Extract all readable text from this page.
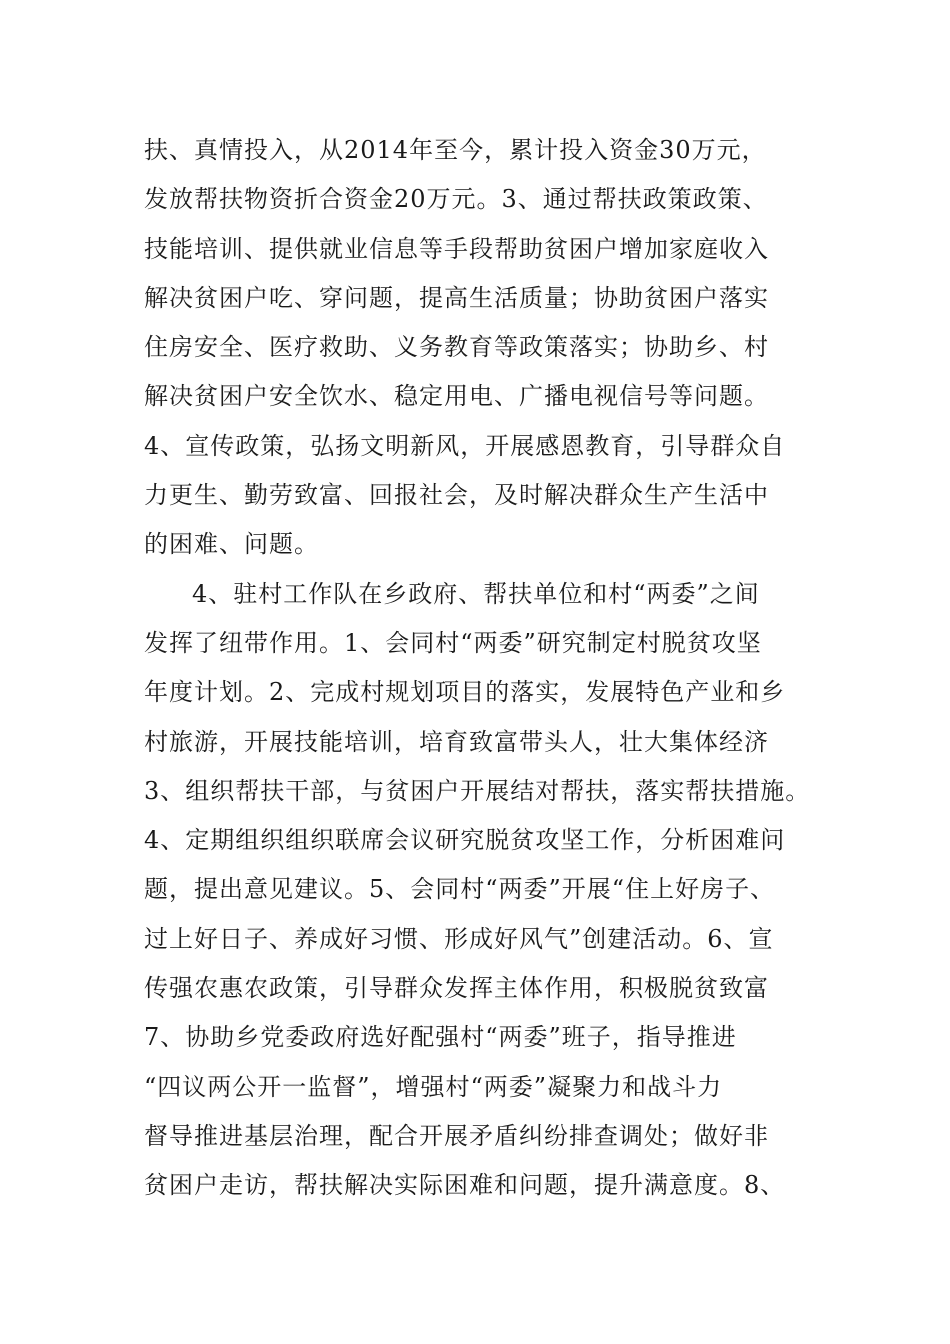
扶、真情投入，从2014年至今，累计投入资金30万元，
发放帮扶物资折合资金20万元。3、通过帮扶政策政策、
技能培训、提供就业信息等手段帮助贫困户增加家庭收入
解决贫困户吃、穿问题，提高生活质量；协助贫困户落实
住房安全、医疗救助、义务教育等政策落实；协助乡、村
解决贫困户安全饮水、稳定用电、广播电视信号等问题。
4、宣传政策，弘扬文明新风，开展感恩教育，引导群众自
力更生、勤劳致富、回报社会，及时解决群众生产生活中
的困难、问题。
4、驻村工作队在乡政府、帮扶单位和村“两委”之间
发挥了纽带作用。1、会同村“两委”研究制定村脱贫攻坚
年度计划。2、完成村规划项目的落实，发展特色产业和乡
村旅游，开展技能培训，培育致富带头人，壮大集体经济
3、组织帮扶干部，与贫困户开展结对帮扶，落实帮扶措施。
4、定期组织组织联席会议研究脱贫攻坚工作，分析困难问
题，提出意见建议。5、会同村“两委”开展“住上好房子、
过上好日子、养成好习惯、形成好风气”创建活动。6、宣
传强农惠农政策，引导群众发挥主体作用，积极脱贫致富
7、协助乡党委政府选好配强村“两委”班子，指导推进
“四议两公开一监督”，增强村“两委”凝聚力和战斗力
督导推进基层治理，配合开展矛盾纠纷排查调处；做好非
贫困户走访，帮扶解决实际困难和问题，提升满意度。8、
